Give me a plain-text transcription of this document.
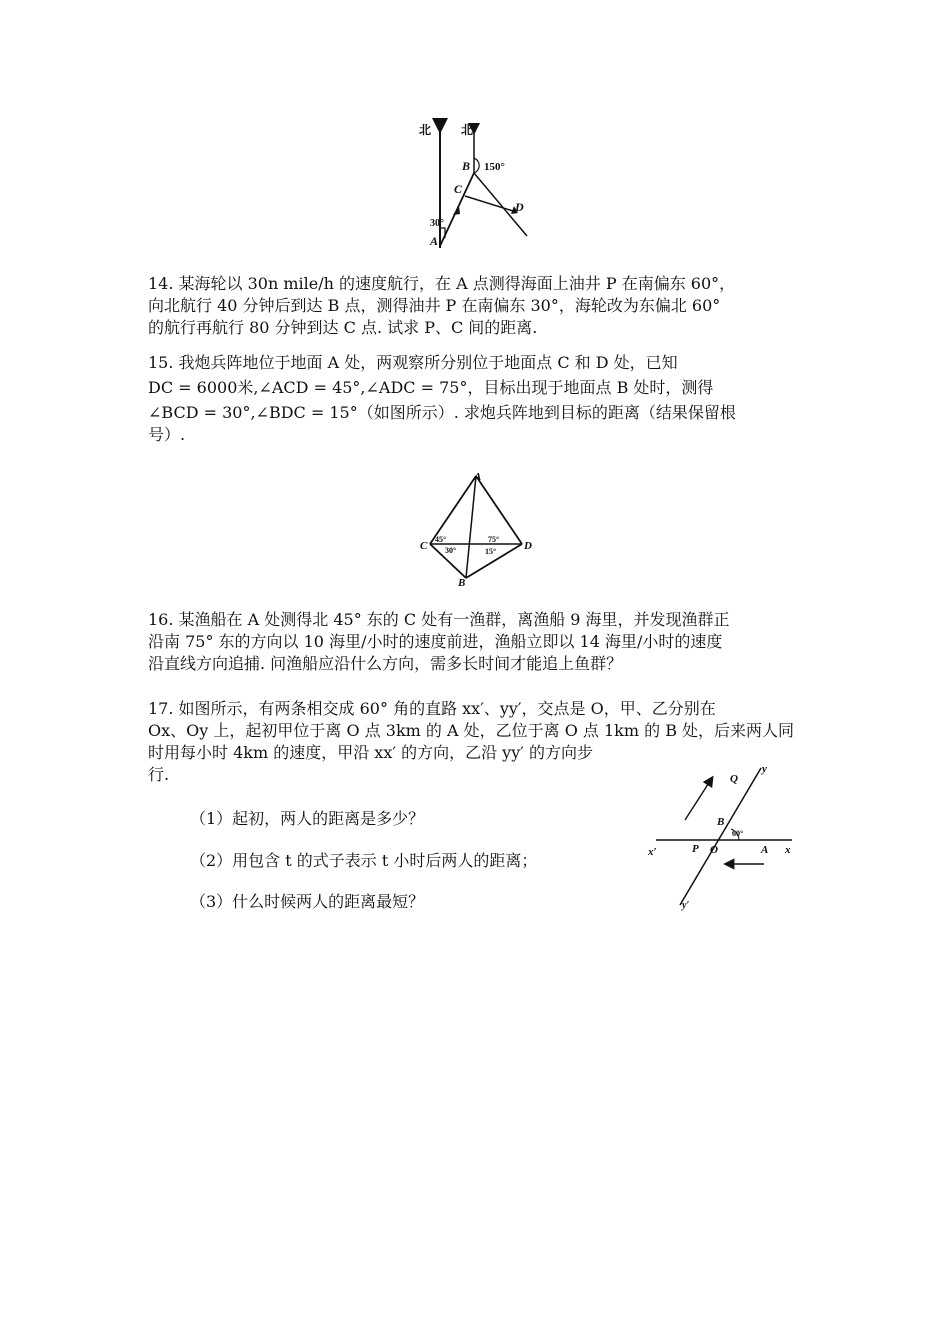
北 北
B 150°
C
D
30°
A
14. 某海轮以 30n mile/h 的速度航行，在 A 点测得海面上油井 P 在南偏东 60°，
向北航行 40 分钟后到达 B 点，测得油井 P 在南偏东 30°，海轮改为东偏北 60°
的航行再航行 80 分钟到达 C 点. 试求 P、C 间的距离.
15. 我炮兵阵地位于地面 A 处，两观察所分别位于地面点 C 和 D 处，已知
DC = 6000米,∠ACD = 45°,∠ADC = 75°，目标出现于地面点 B 处时，测得
∠BCD = 30°,∠BDC = 15°（如图所示）. 求炮兵阵地到目标的距离（结果保留根
号）.
A
C	D
B
45°
30°
75°
15°
16. 某渔船在 A 处测得北 45° 东的 C 处有一渔群，离渔船 9 海里，并发现渔群正
沿南 75° 东的方向以 10 海里/小时的速度前进，渔船立即以 14 海里/小时的速度
沿直线方向追捕. 问渔船应沿什么方向，需多长时间才能追上鱼群？
17. 如图所示，有两条相交成 60° 角的直路 xx′、yy′，交点是 O，甲、乙分别在
Ox、Oy 上，起初甲位于离 O 点 3km 的 A 处，乙位于离 O 点 1km 的 B 处，后来两人同
时用每小时 4km 的速度，甲沿 xx′ 的方向，乙沿 yy′ 的方向步
行.
（1）起初，两人的距离是多少？
（2）用包含 t 的式子表示 t 小时后两人的距离；
（3）什么时候两人的距离最短？
Q
y
B
60°
x′	P O	A x
y′
